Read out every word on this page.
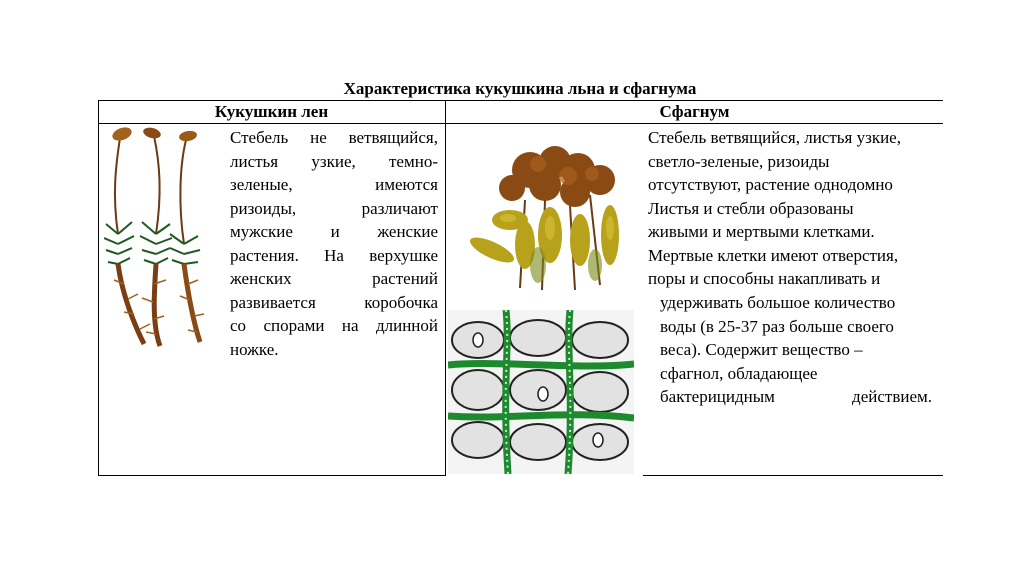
Характеристика кукушкина льна и сфагнума
Кукушкин лен	Сфагнум
Стебель не ветвящийся,
листья узкие, темно-
зеленые, имеются
ризоиды, различают
мужские и женские
растения. На верхушке
женских растений
развивается коробочка
со спорами на длинной
ножке.
Стебель ветвящийся, листья узкие,
светло-зеленые, ризоиды
отсутствуют, растение однодомно
Листья и стебли образованы
живыми и мертвыми клетками.
Мертвые клетки имеют отверстия,
поры и способны накапливать и
удерживать большое количество
воды (в 25-37 раз больше своего
веса). Содержит вещество –
сфагнол, обладающее
бактерицидным действием.
